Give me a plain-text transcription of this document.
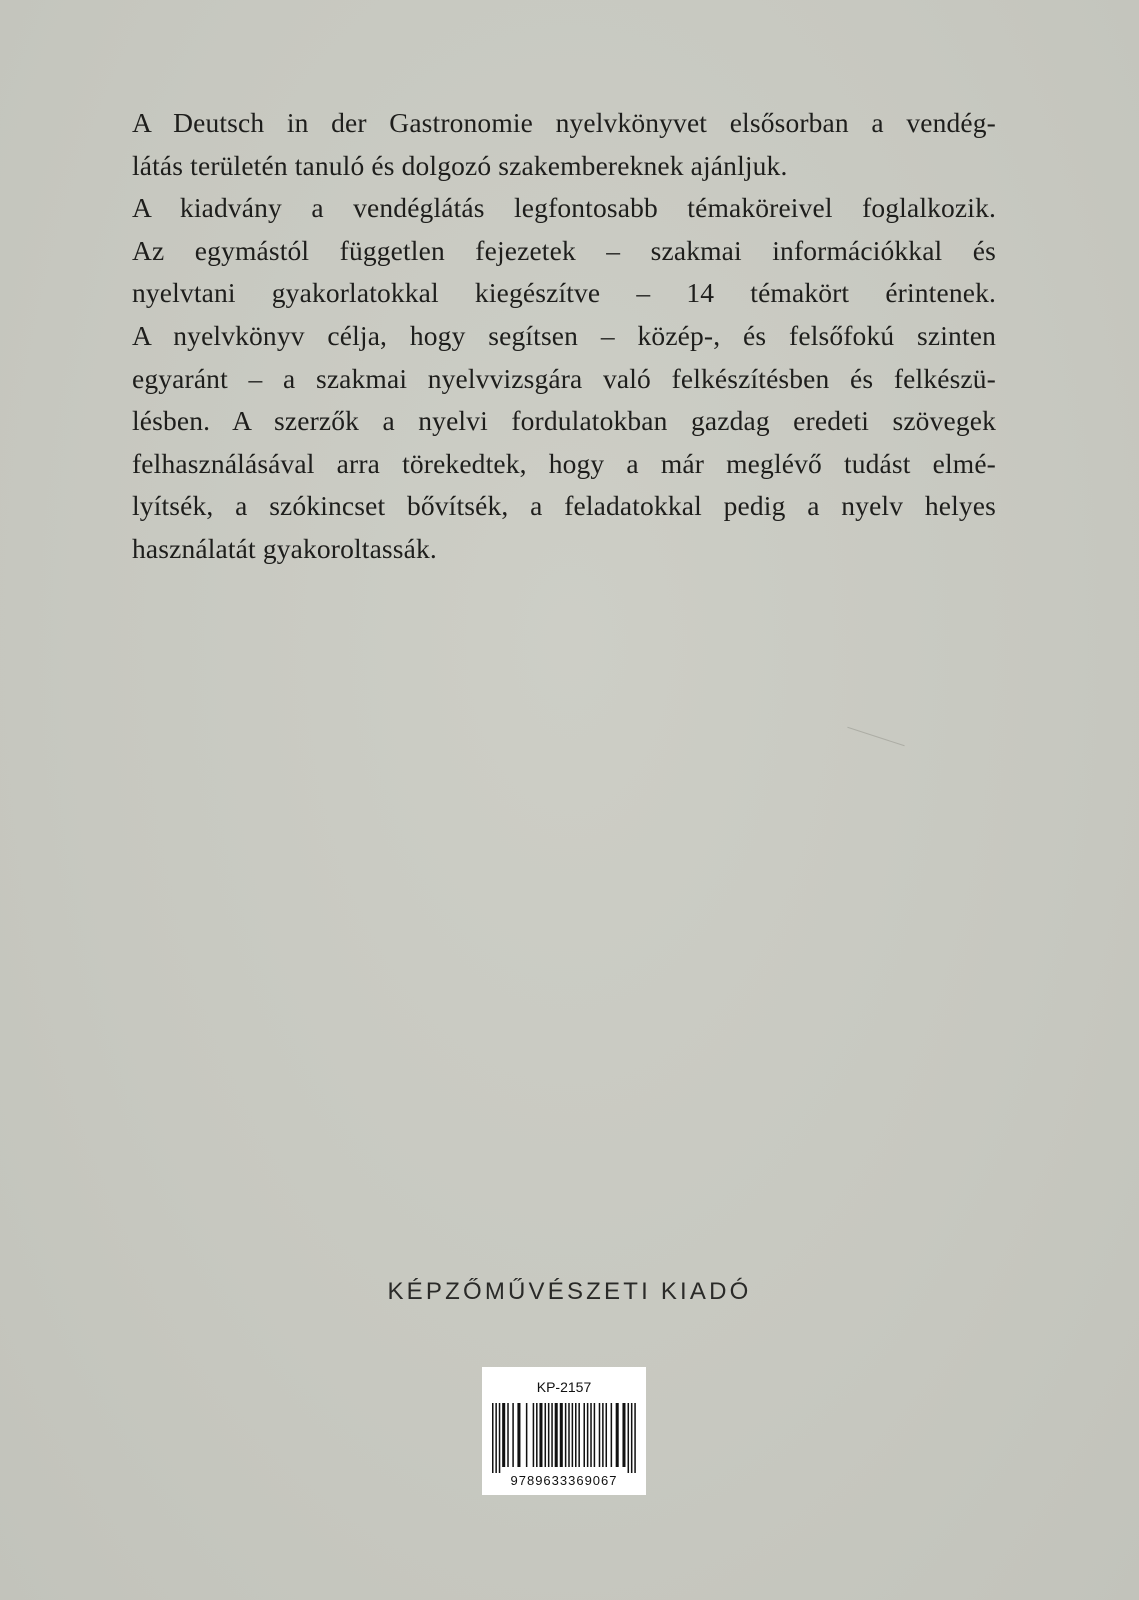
A Deutsch in der Gastronomie nyelvkönyvet elsősorban a vendég-
látás területén tanuló és dolgozó szakembereknek ajánljuk.
A kiadvány a vendéglátás legfontosabb témaköreivel foglalkozik.
Az egymástól független fejezetek – szakmai információkkal és
nyelvtani gyakorlatokkal kiegészítve – 14 témakört érintenek.
A nyelvkönyv célja, hogy segítsen – közép-, és felsőfokú szinten
egyaránt – a szakmai nyelvvizsgára való felkészítésben és felkészü-
lésben. A szerzők a nyelvi fordulatokban gazdag eredeti szövegek
felhasználásával arra törekedtek, hogy a már meglévő tudást elmé-
lyítsék, a szókincset bővítsék, a feladatokkal pedig a nyelv helyes
használatát gyakoroltassák.
KÉPZŐMŰVÉSZETI KIADÓ
KP-2157
9789633369067
